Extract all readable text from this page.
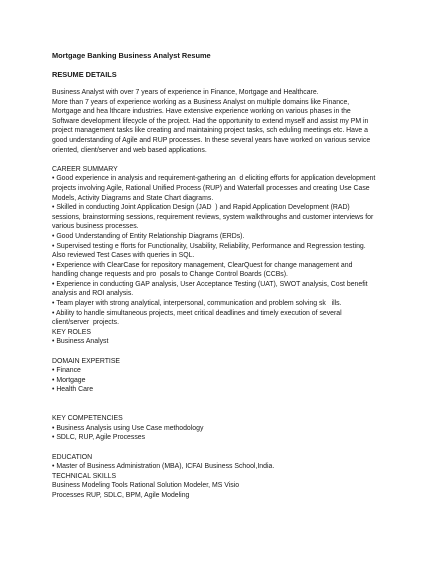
Mortgage Banking Business Analyst Resume

RESUME DETAILS

Business Analyst with over 7 years of experience in Finance, Mortgage and Healthcare.

More than 7 years of experience working as a Business Analyst on multiple domains like Finance,

Mortgage and hea lthcare industries. Have extensive experience working on various phases in the

Software development lifecycle of the project. Had the opportunity to extend myself and assist my PM in

project management tasks like creating and maintaining project tasks, sch eduling meetings etc. Have a

good understanding of Agile and RUP processes. In these several years have worked on various service

oriented, client/server and web based applications.

CAREER SUMMARY

• Good experience in analysis and requirement-gathering an  d eliciting efforts for application development

projects involving Agile, Rational Unified Process (RUP) and Waterfall processes and creating Use Case

Models, Activity Diagrams and State Chart diagrams.

• Skilled in conducting Joint Application Design (JAD  ) and Rapid Application Development (RAD)

sessions, brainstorming sessions, requirement reviews, system walkthroughs and customer interviews for

various business processes.

• Good Understanding of Entity Relationship Diagrams (ERDs).

• Supervised testing e fforts for Functionality, Usability, Reliability, Performance and Regression testing.

Also reviewed Test Cases with queries in SQL.

• Experience with ClearCase for repository management, ClearQuest for change management and

handling change requests and pro  posals to Change Control Boards (CCBs).

• Experience in conducting GAP analysis, User Acceptance Testing (UAT), SWOT analysis, Cost benefit

analysis and ROI analysis.

• Team player with strong analytical, interpersonal, communication and problem solving sk   ills.

• Ability to handle simultaneous projects, meet critical deadlines and timely execution of several

client/server  projects.

KEY ROLES

• Business Analyst

DOMAIN EXPERTISE

• Finance

• Mortgage

• Health Care

KEY COMPETENCIES

• Business Analysis using Use Case methodology

• SDLC, RUP, Agile Processes

EDUCATION

• Master of Business Administration (MBA), ICFAI Business School,India.

TECHNICAL SKILLS

Business Modeling Tools Rational Solution Modeler, MS Visio

Processes RUP, SDLC, BPM, Agile Modeling
